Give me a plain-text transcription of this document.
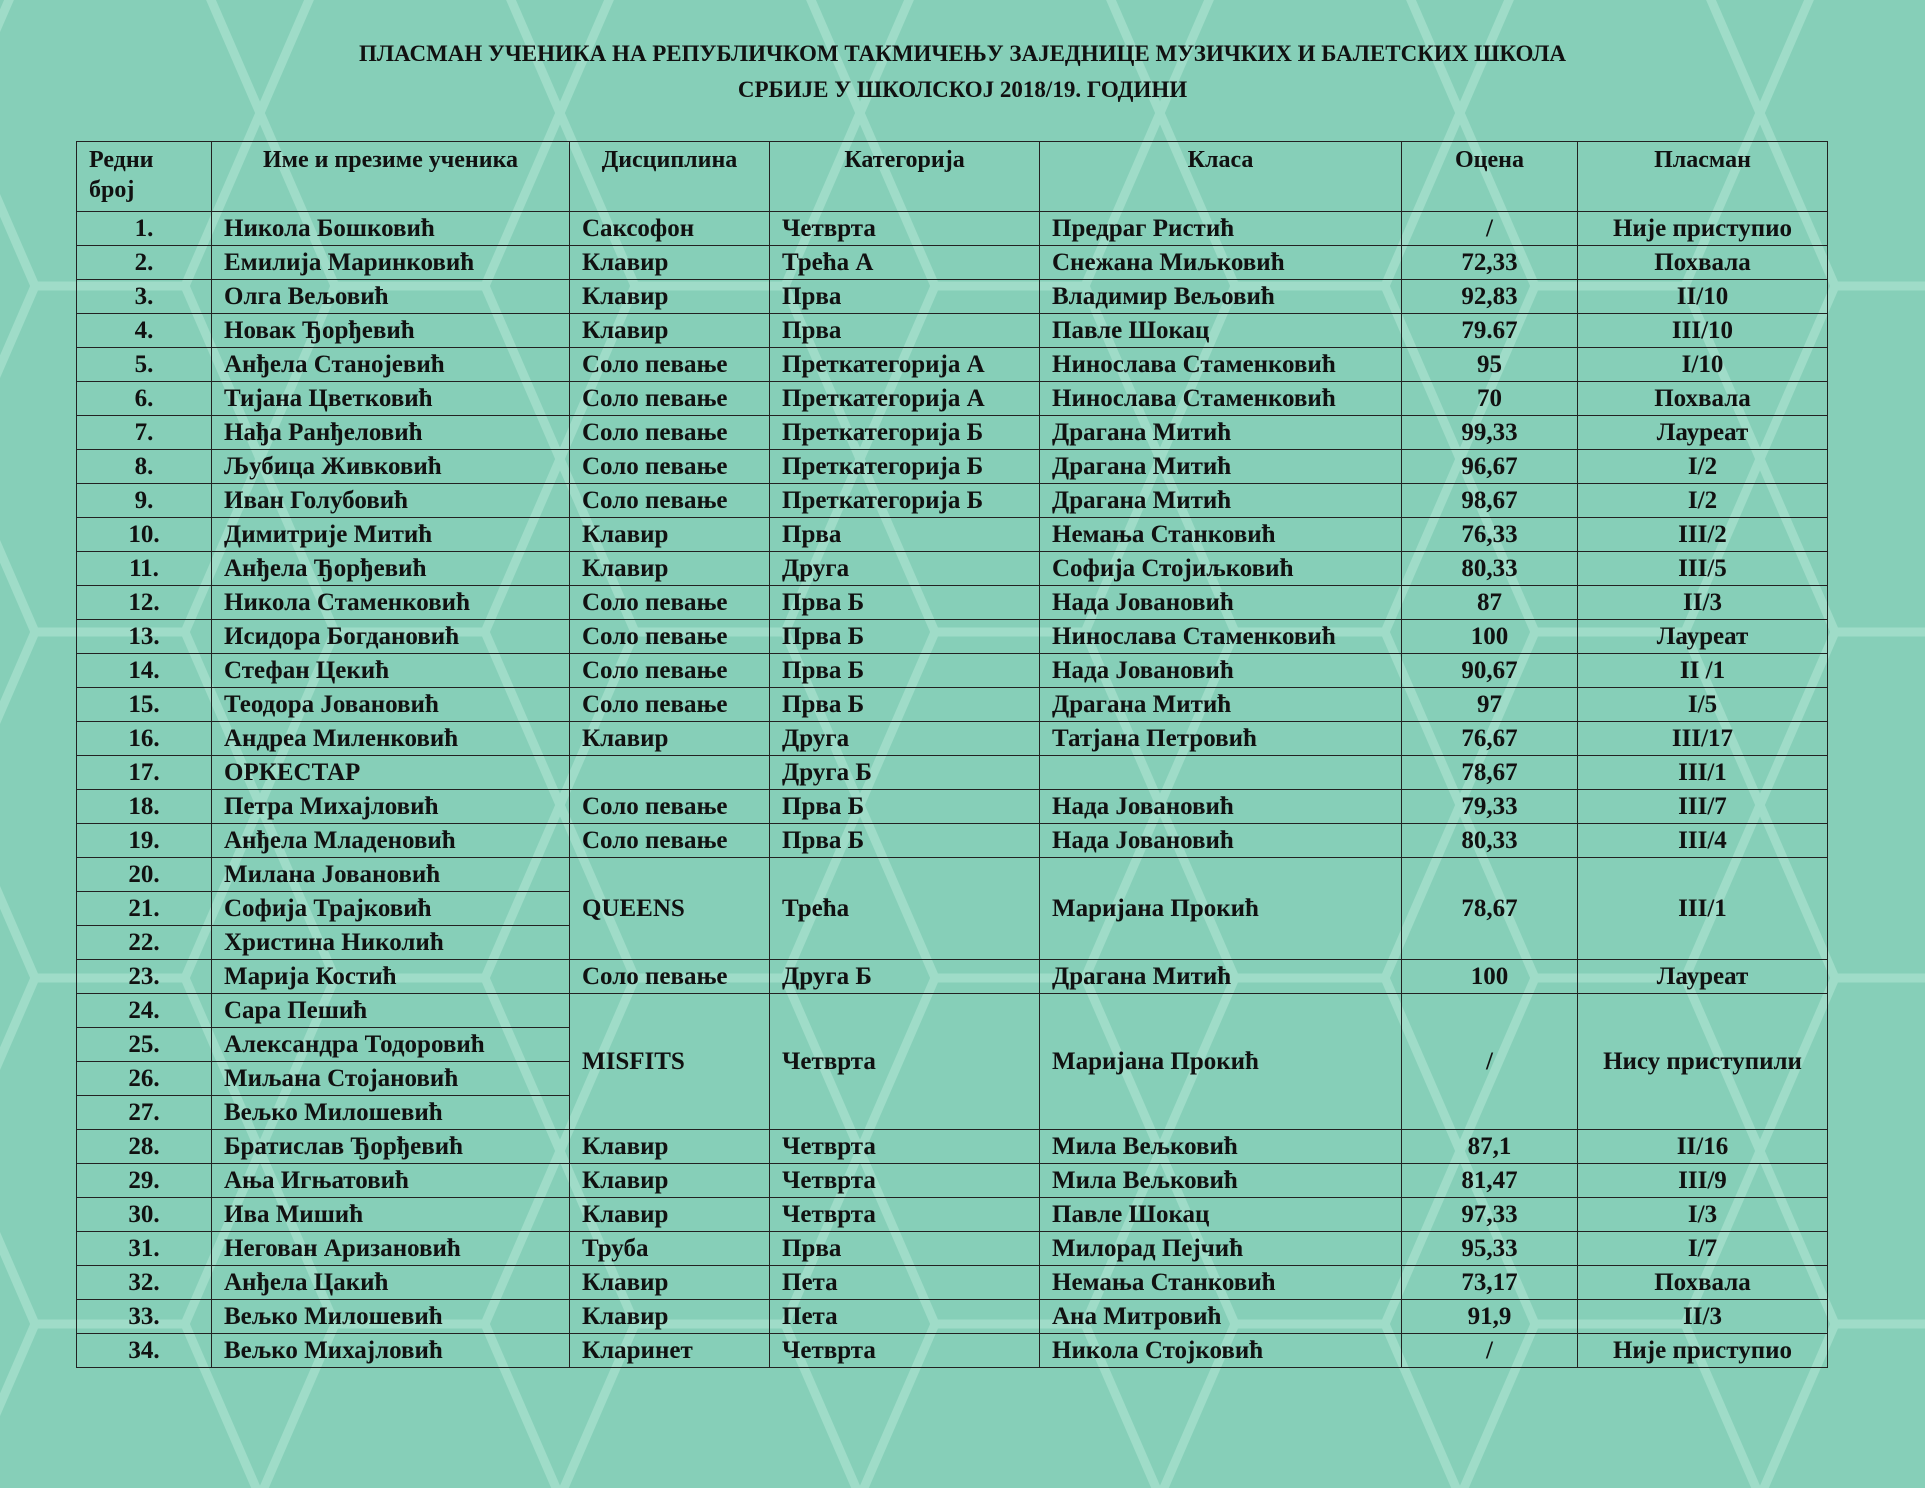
ПЛАСМАН УЧЕНИКА НА РЕПУБЛИЧКОМ ТАКМИЧЕЊУ ЗАЈЕДНИЦЕ МУЗИЧКИХ И БАЛЕТСКИХ ШКОЛА
СРБИЈЕ У ШКОЛСКОЈ 2018/19. ГОДИНИ
Редни
број	Име и презиме ученика	Дисциплина	Категорија	Класа	Оцена	Пласман
1.	Никола Бошковић	Саксофон	Четврта	Предраг Ристић	/	Није приступио
2.	Емилија Маринковић	Клавир	Трећа А	Снежана Миљковић	72,33	Похвала
3.	Олга Вељовић	Клавир	Прва	Владимир Вељовић	92,83	II/10
4.	Новак Ђорђевић	Клавир	Прва	Павле Шокац	79.67	III/10
5.	Анђела Станојевић	Соло певање	Преткатегорија А	Нинослава Стаменковић	95	I/10
6.	Тијана Цветковић	Соло певање	Преткатегорија А	Нинослава Стаменковић	70	Похвала
7.	Нађа Ранђеловић	Соло певање	Преткатегорија Б	Драгана Митић	99,33	Лауреат
8.	Љубица Живковић	Соло певање	Преткатегорија Б	Драгана Митић	96,67	I/2
9.	Иван Голубовић	Соло певање	Преткатегорија Б	Драгана Митић	98,67	I/2
10.	Димитрије Митић	Клавир	Прва	Немања Станковић	76,33	III/2
11.	Анђела Ђорђевић	Клавир	Друга	Софија Стојиљковић	80,33	III/5
12.	Никола Стаменковић	Соло певање	Прва Б	Нада Јовановић	87	II/3
13.	Исидора Богдановић	Соло певање	Прва Б	Нинослава Стаменковић	100	Лауреат
14.	Стефан Цекић	Соло певање	Прва Б	Нада Јовановић	90,67	II /1
15.	Теодора Јовановић	Соло певање	Прва Б	Драгана Митић	97	I/5
16.	Андреа Миленковић	Клавир	Друга	Татјана Петровић	76,67	III/17
17.	ОРКЕСТАР		Друга Б		78,67	III/1
18.	Петра Михајловић	Соло певање	Прва Б	Нада Јовановић	79,33	III/7
19.	Анђела Младеновић	Соло певање	Прва Б	Нада Јовановић	80,33	III/4
20.	Милана Јовановић	QUEENS	Трећа	Маријана Прокић	78,67	III/1
21.	Софија Трајковић					
22.	Христина Николић					
23.	Марија Костић	Соло певање	Друга Б	Драгана Митић	100	Лауреат
24.	Сара Пешић	MISFITS	Четврта	Маријана Прокић	/	Нису приступили
25.	Александра Тодоровић					
26.	Миљана Стојановић					
27.	Вељко Милошевић					
28.	Братислав Ђорђевић	Клавир	Четврта	Мила Вељковић	87,1	II/16
29.	Ања Игњатовић	Клавир	Четврта	Мила Вељковић	81,47	III/9
30.	Ива Мишић	Клавир	Четврта	Павле Шокац	97,33	I/3
31.	Негован Аризановић	Труба	Прва	Милорад Пејчић	95,33	I/7
32.	Анђела Цакић	Клавир	Пета	Немања Станковић	73,17	Похвала
33.	Вељко Милошевић	Клавир	Пета	Ана Митровић	91,9	II/3
34.	Вељко Михајловић	Кларинет	Четврта	Никола Стојковић	/	Није приступио
